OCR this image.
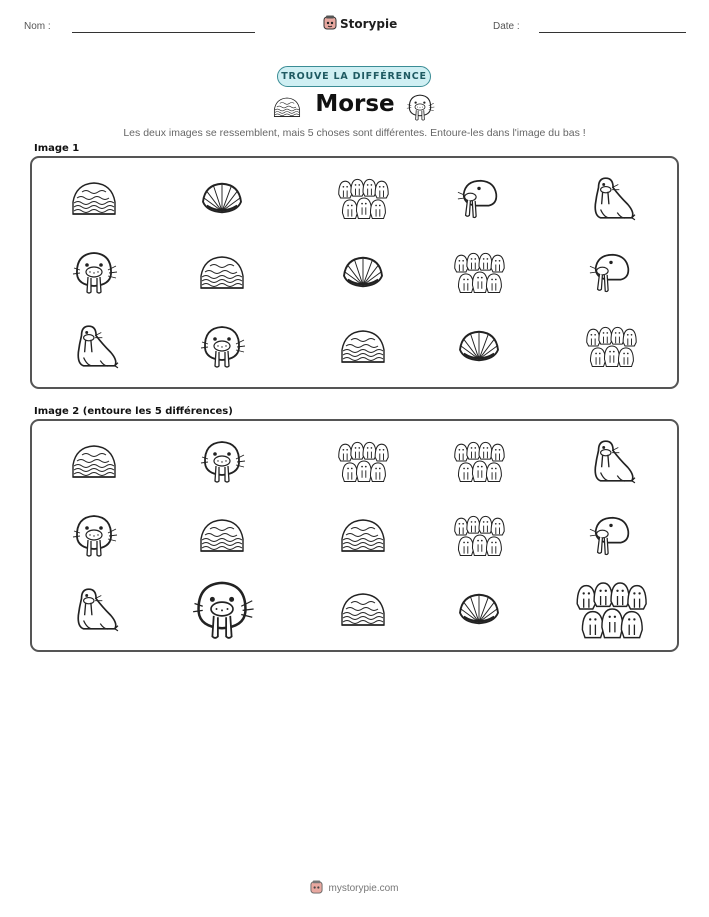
Nom :	Storypie	Date :
TROUVE LA DIFFÉRENCE
Morse
Les deux images se ressemblent, mais 5 choses sont différentes. Entoure-les dans l'image du bas !
Image 1
Image 2 (entoure les 5 différences)
mystorypie.com
